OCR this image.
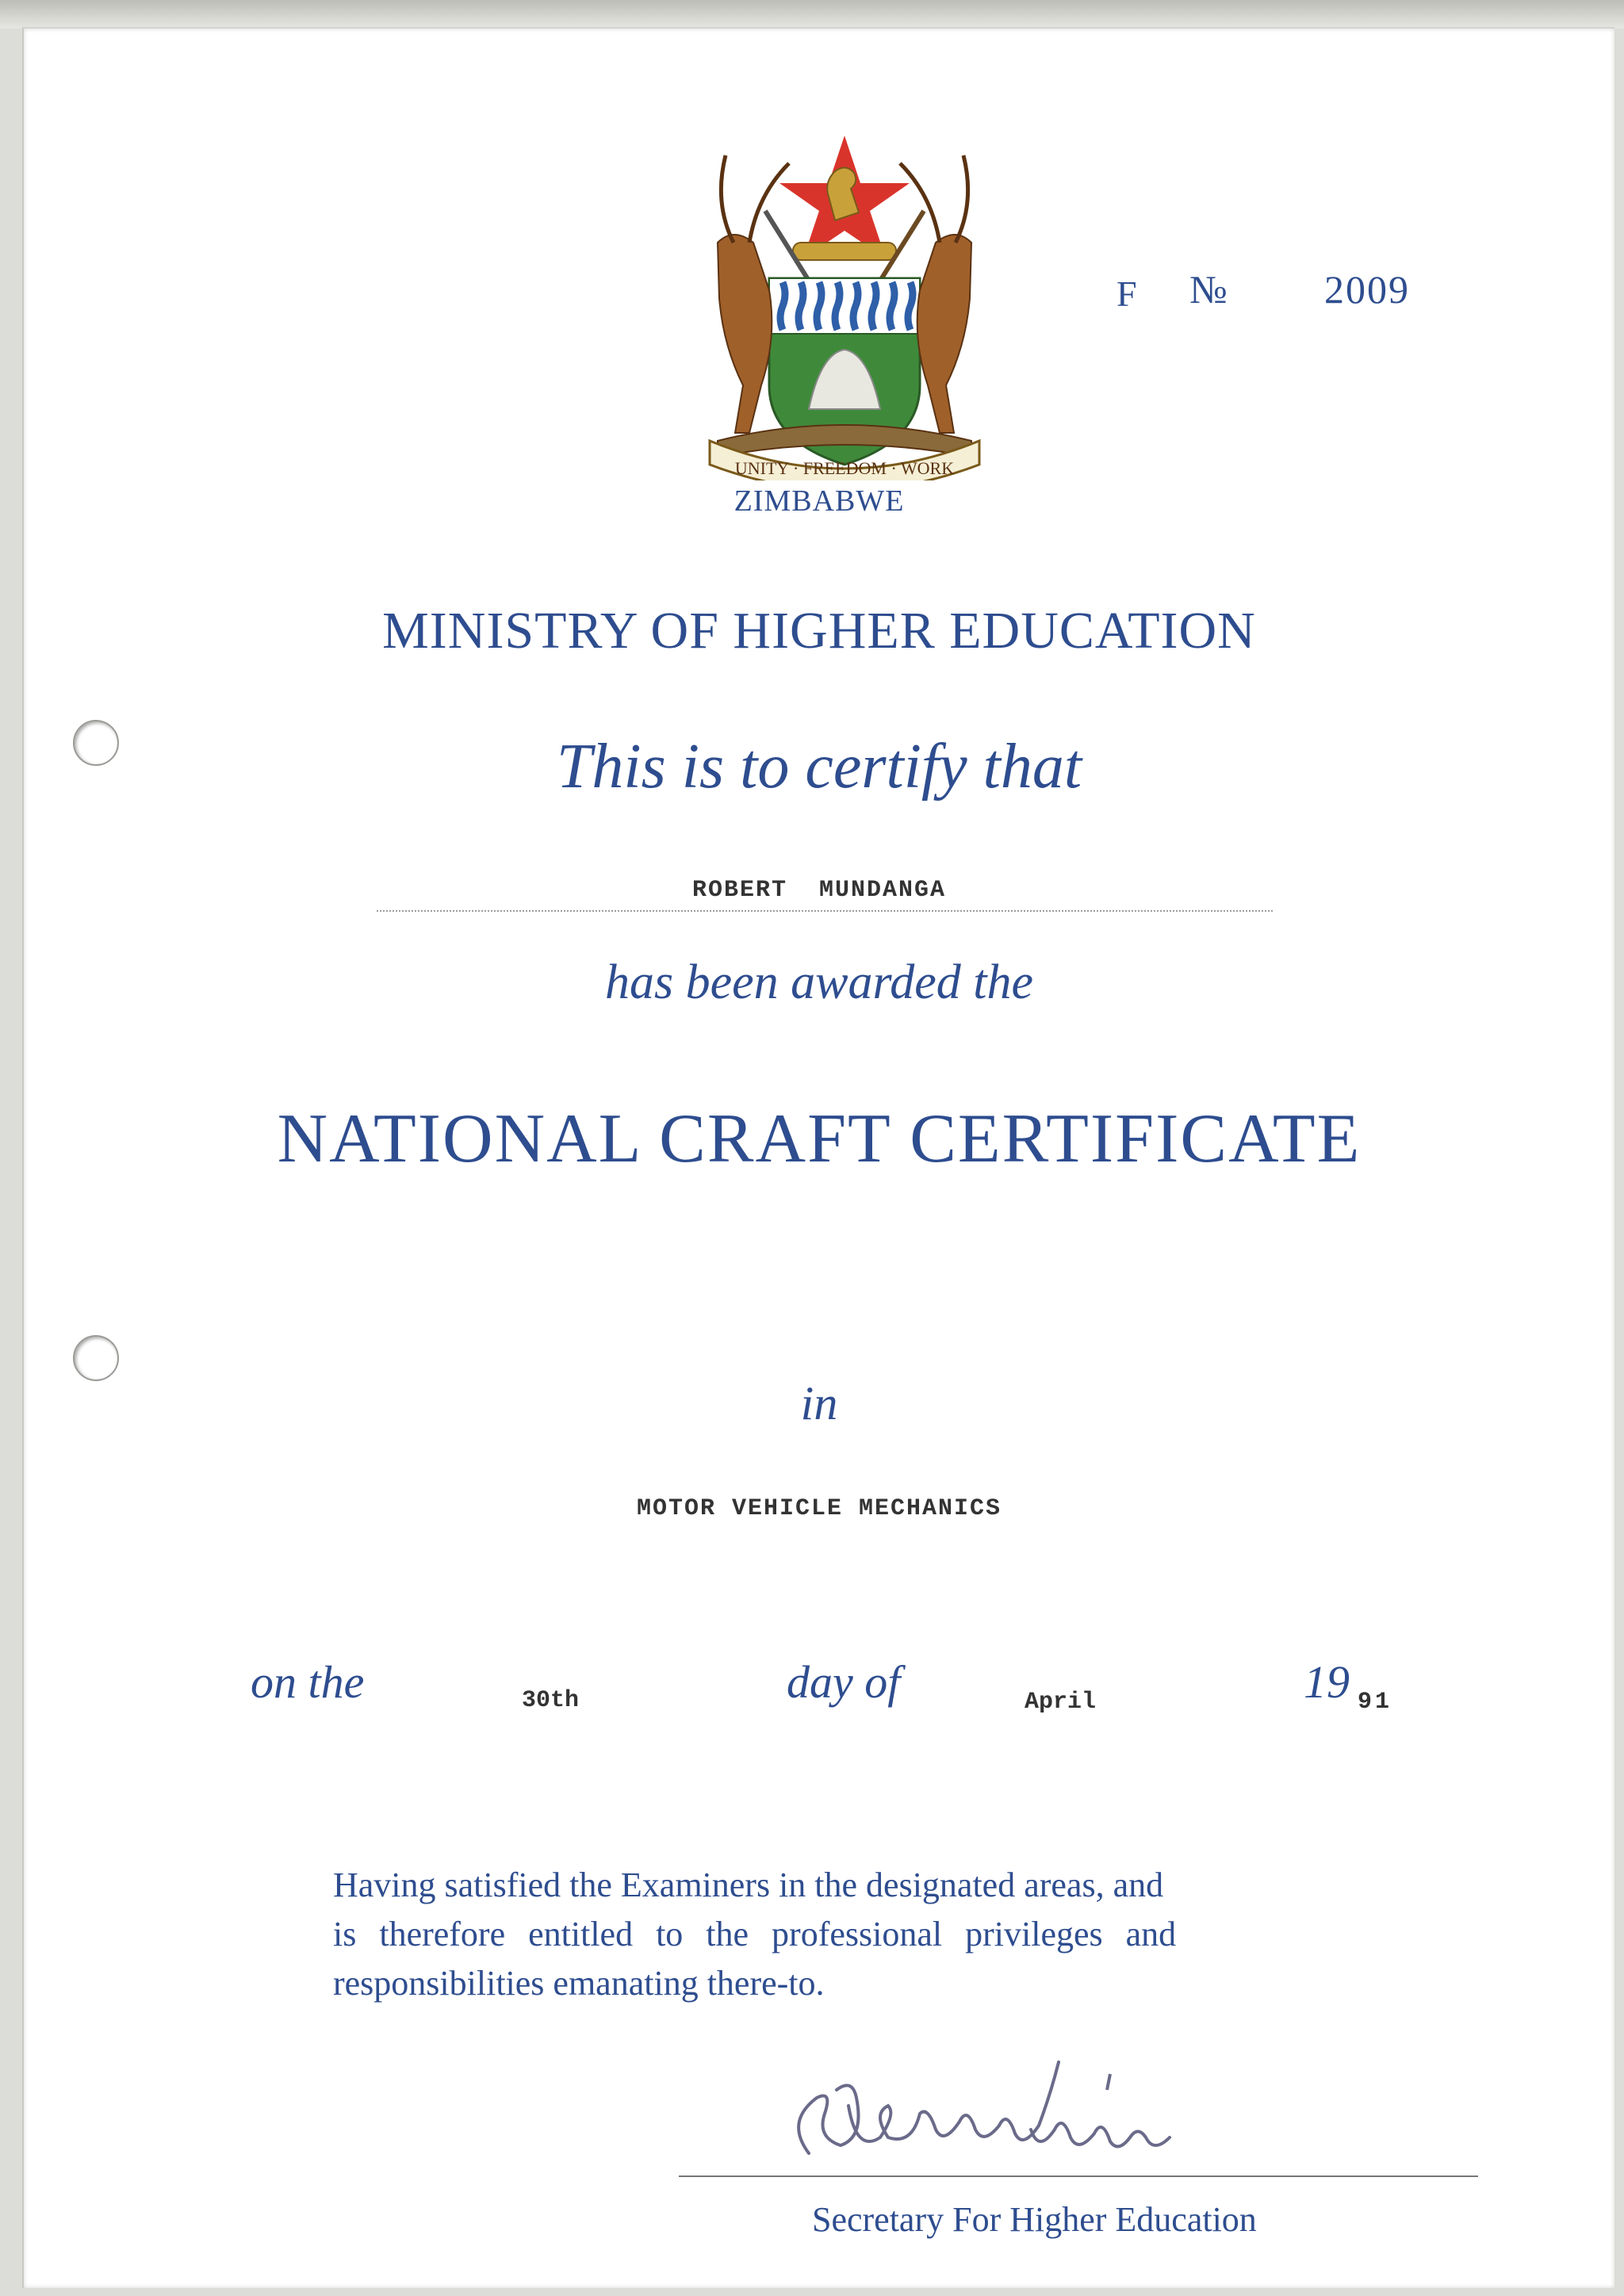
UNITY · FREEDOM · WORK
F № 2009
ZIMBABWE
MINISTRY OF HIGHER EDUCATION
This is to certify that
ROBERT  MUNDANGA
has been awarded the
NATIONAL CRAFT CERTIFICATE
in
MOTOR VEHICLE MECHANICS
on the	30th	day of	April	19 91
Having satisfied the Examiners in the designated areas, and
is therefore entitled to the professional privileges and
responsibilities emanating there-to.
Secretary For Higher Education
